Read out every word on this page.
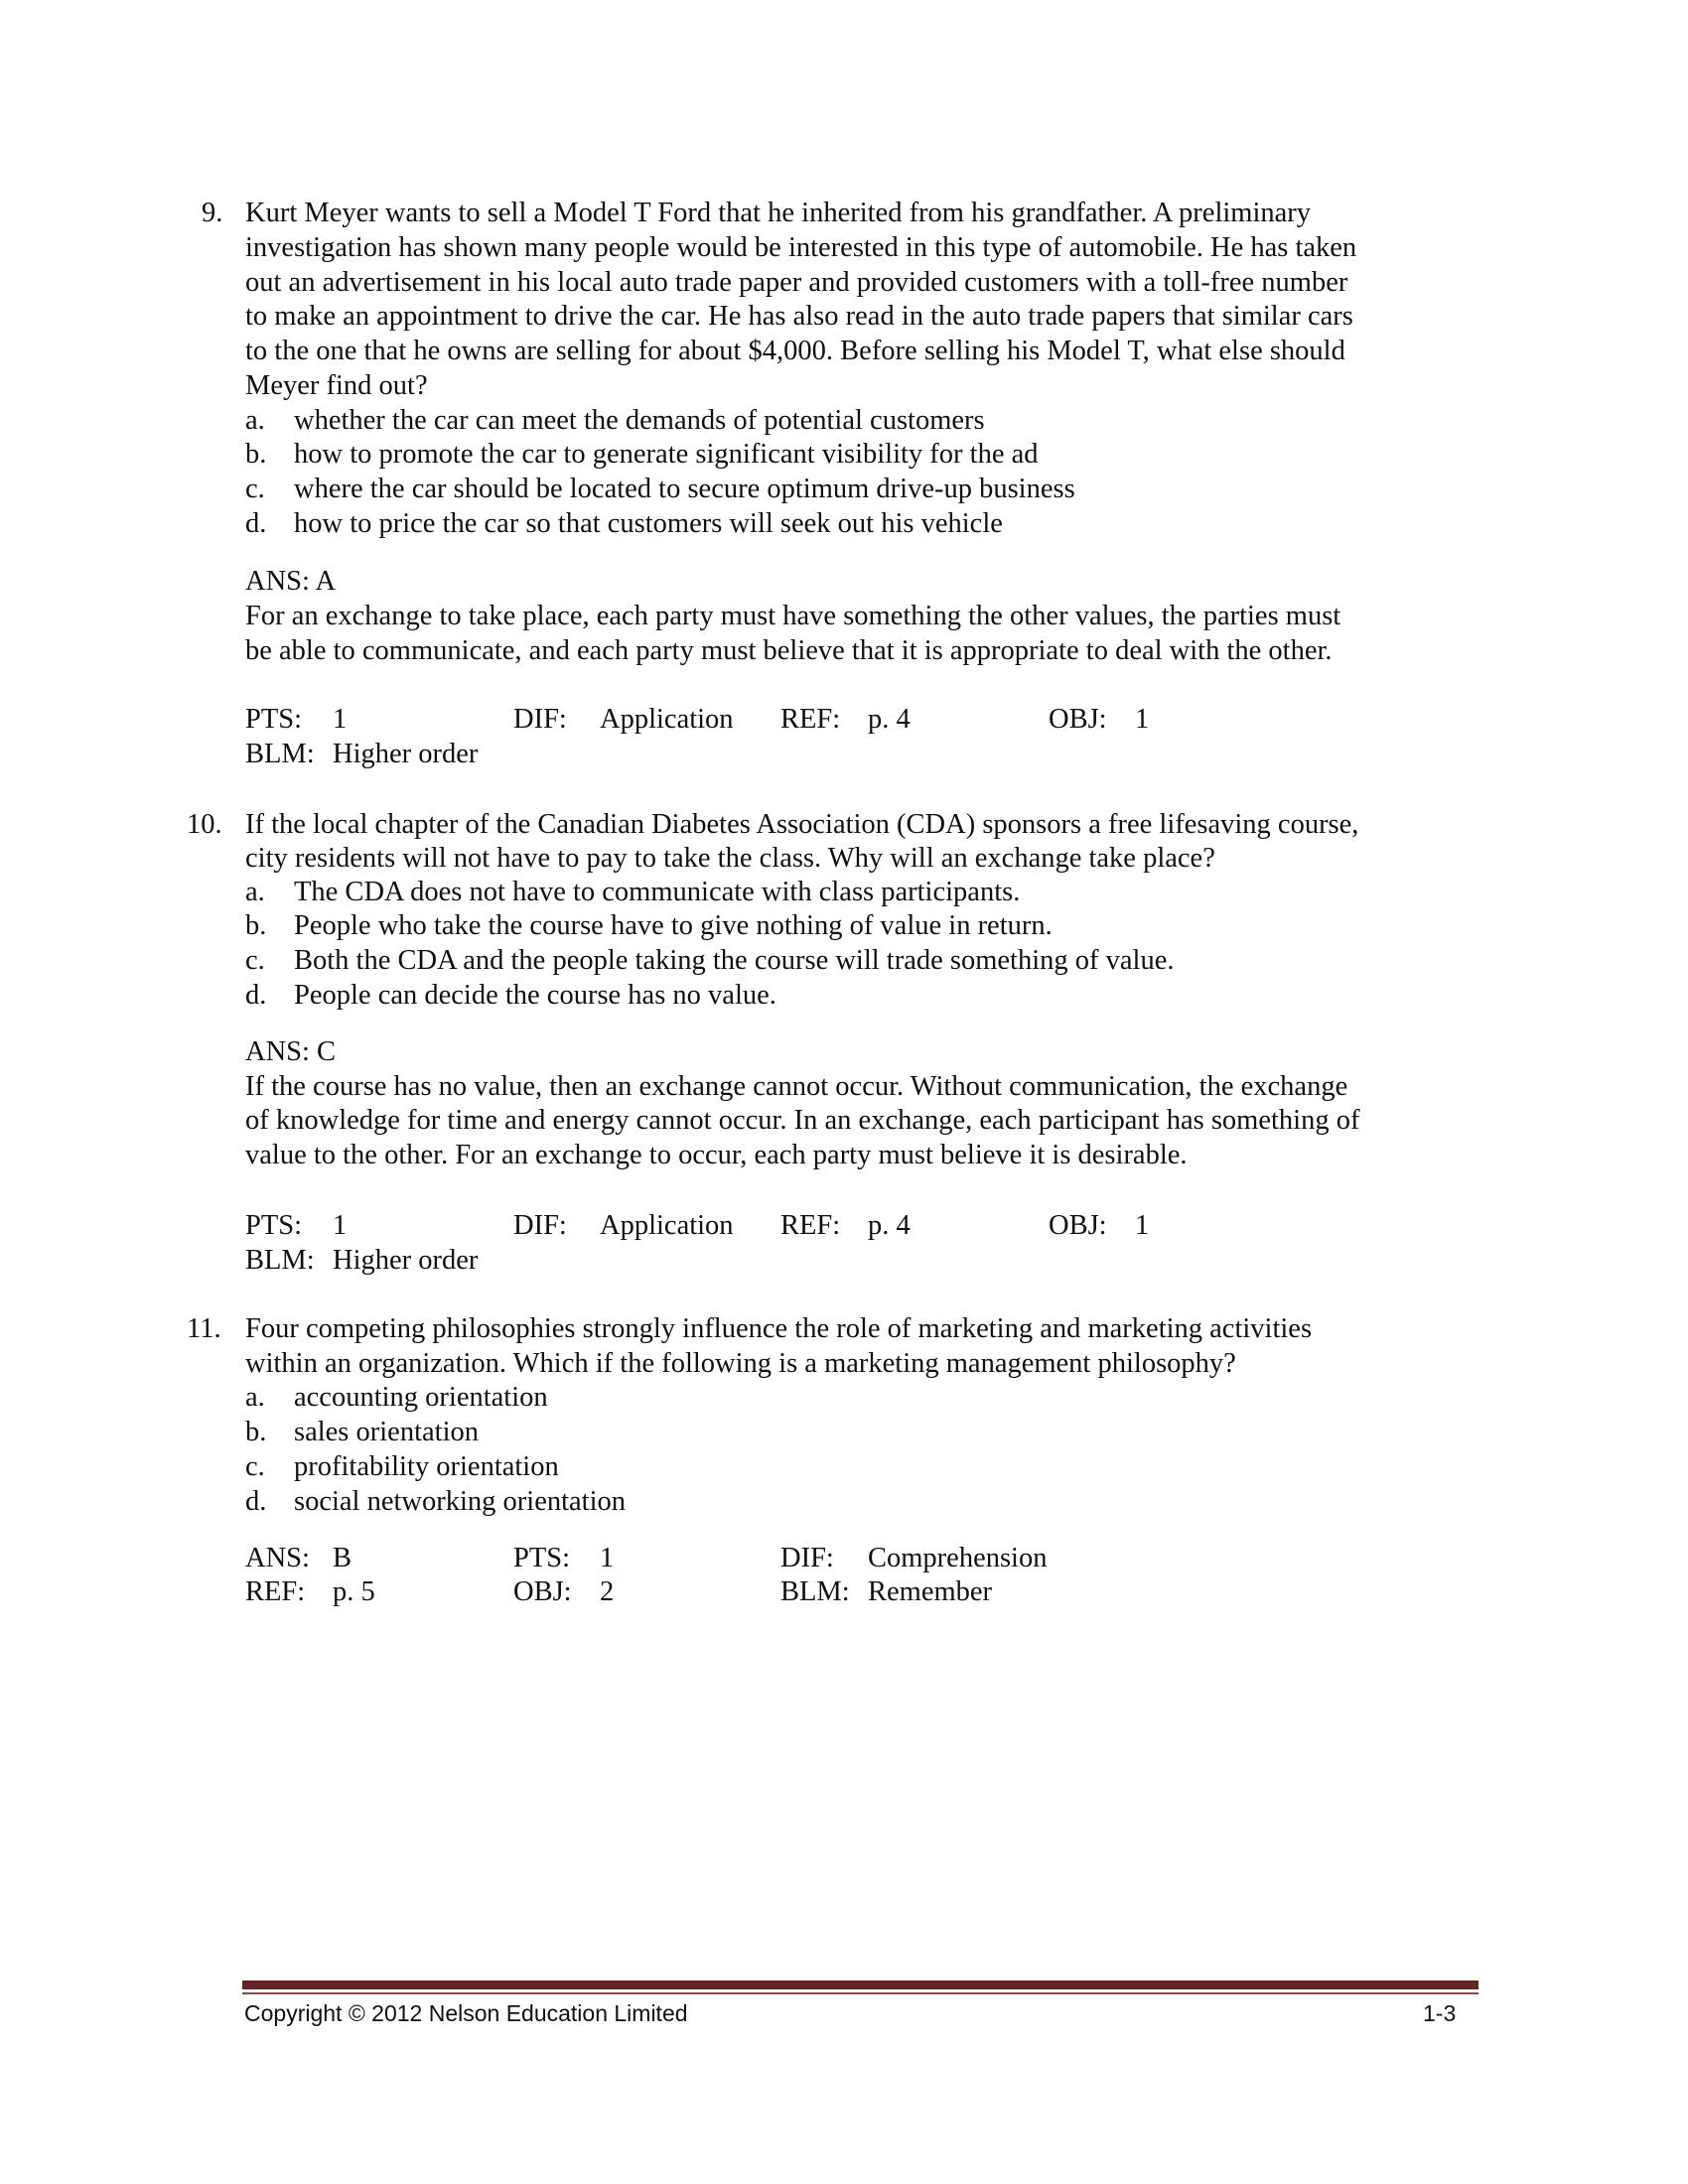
9. Kurt Meyer wants to sell a Model T Ford that he inherited from his grandfather. A preliminary
investigation has shown many people would be interested in this type of automobile. He has taken
out an advertisement in his local auto trade paper and provided customers with a toll-free number
to make an appointment to drive the car. He has also read in the auto trade papers that similar cars
to the one that he owns are selling for about $4,000. Before selling his Model T, what else should
Meyer find out?
a. whether the car can meet the demands of potential customers
b. how to promote the car to generate significant visibility for the ad
c. where the car should be located to secure optimum drive-up business
d. how to price the car so that customers will seek out his vehicle
ANS: A
For an exchange to take place, each party must have something the other values, the parties must
be able to communicate, and each party must believe that it is appropriate to deal with the other.
PTS: 1	DIF: Application REF: p. 4	OBJ: 1
BLM: Higher order
10. If the local chapter of the Canadian Diabetes Association (CDA) sponsors a free lifesaving course,
city residents will not have to pay to take the class. Why will an exchange take place?
a. The CDA does not have to communicate with class participants.
b. People who take the course have to give nothing of value in return.
c. Both the CDA and the people taking the course will trade something of value.
d. People can decide the course has no value.
ANS: C
If the course has no value, then an exchange cannot occur. Without communication, the exchange
of knowledge for time and energy cannot occur. In an exchange, each participant has something of
value to the other. For an exchange to occur, each party must believe it is desirable.
PTS: 1	DIF: Application REF: p. 4	OBJ: 1
BLM: Higher order
11. Four competing philosophies strongly influence the role of marketing and marketing activities
within an organization. Which if the following is a marketing management philosophy?
a. accounting orientation
b. sales orientation
c. profitability orientation
d. social networking orientation
ANS: B	PTS: 1	DIF: Comprehension
REF: p. 5	OBJ: 2	BLM: Remember
Copyright © 2012 Nelson Education Limited	1-3
